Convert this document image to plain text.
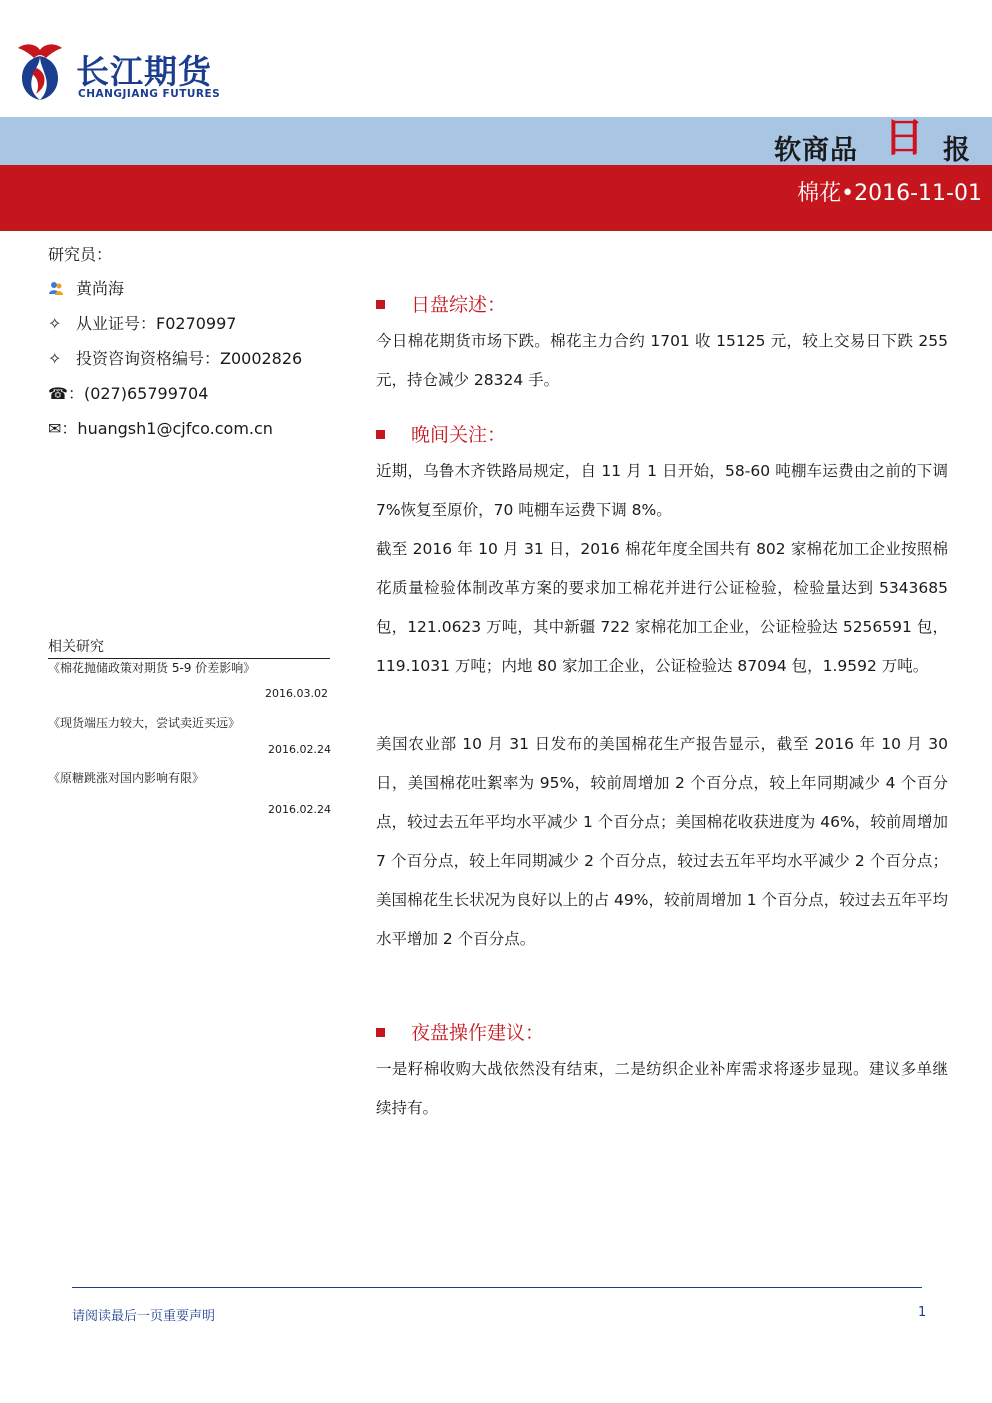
长江期货
CHANGJIANG FUTURES
软商品 日 报
棉花•2016-11-01
研究员：
黄尚海
✧ 从业证号：F0270997
✧ 投资咨询资格编号：Z0002826
☎：(027)65799704
✉：huangsh1@cjfco.com.cn
相关研究
《棉花抛储政策对期货 5-9 价差影响》
2016.03.02
《现货端压力较大，尝试卖近买远》
2016.02.24
《原糖跳涨对国内影响有限》
2016.02.24
日盘综述：
今日棉花期货市场下跌。棉花主力合约 1701 收 15125 元，较上交易日下跌 255 元，持仓减少 28324 手。
晚间关注：
近期，乌鲁木齐铁路局规定，自 11 月 1 日开始，58-60 吨棚车运费由之前的下调 7%恢复至原价，70 吨棚车运费下调 8%。
截至 2016 年 10 月 31 日，2016 棉花年度全国共有 802 家棉花加工企业按照棉花质量检验体制改革方案的要求加工棉花并进行公证检验，检验量达到 5343685 包，121.0623 万吨，其中新疆 722 家棉花加工企业，公证检验达 5256591 包，119.1031 万吨；内地 80 家加工企业，公证检验达 87094 包，1.9592 万吨。
美国农业部 10 月 31 日发布的美国棉花生产报告显示，截至 2016 年 10 月 30 日，美国棉花吐絮率为 95%，较前周增加 2 个百分点，较上年同期减少 4 个百分点，较过去五年平均水平减少 1 个百分点；美国棉花收获进度为 46%，较前周增加 7 个百分点，较上年同期减少 2 个百分点，较过去五年平均水平减少 2 个百分点；美国棉花生长状况为良好以上的占 49%，较前周增加 1 个百分点，较过去五年平均水平增加 2 个百分点。
夜盘操作建议：
一是籽棉收购大战依然没有结束，二是纺织企业补库需求将逐步显现。建议多单继续持有。
请阅读最后一页重要声明	1
